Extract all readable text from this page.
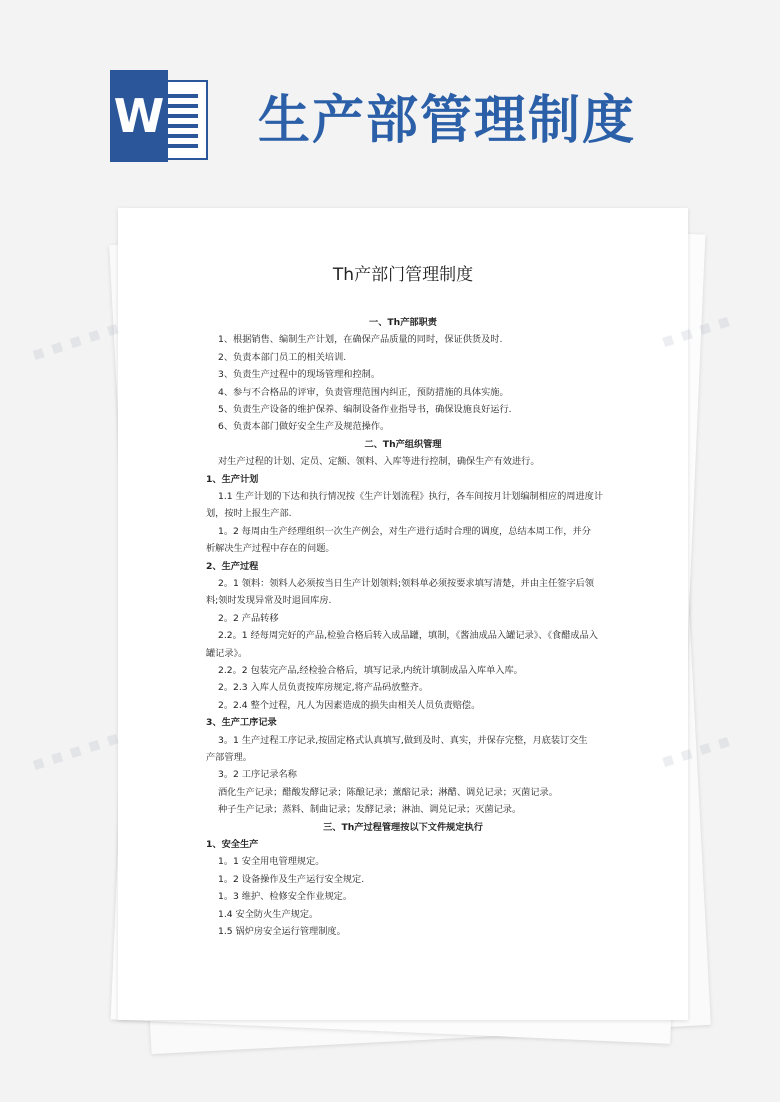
W 生产部管理制度
Th产部门管理制度
一、Th产部职责
1、根据销售、编制生产计划，在确保产品质量的同时，保证供货及时.
2、负责本部门员工的相关培训.
3、负责生产过程中的现场管理和控制。
4、参与不合格品的评审，负责管理范围内纠正，预防措施的具体实施。
5、负责生产设备的维护保养、编制设备作业指导书，确保设施良好运行.
6、负责本部门做好安全生产及规范操作。
二、Th产组织管理
对生产过程的计划、定员、定额、领料、入库等进行控制，确保生产有效进行。
1、生产计划
1.1 生产计划的下达和执行情况按《生产计划流程》执行，各车间按月计划编制相应的周进度计
划，按时上报生产部.
1。2 每周由生产经理组织一次生产例会，对生产进行适时合理的调度，总结本周工作，并分
析解决生产过程中存在的问题。
2、生产过程
2。1 领料：领料人必须按当日生产计划领料;领料单必须按要求填写清楚，并由主任签字后领
料;领时发现异常及时退回库房.
2。2 产品转移
2.2。1 经每周完好的产品,检验合格后转入成品罐，填制，《酱油成品入罐记录》、《食醋成品入
罐记录》。
2.2。2 包装完产品,经检验合格后，填写记录,内统计填制成品入库单入库。
2。2.3 入库人员负责按库房规定,将产品码放整齐。
2。2.4 整个过程，凡人为因素造成的损失由相关人员负责赔偿。
3、生产工序记录
3。1 生产过程工序记录,按固定格式认真填写,做到及时、真实，并保存完整，月底装订交生
产部管理。
3。2 工序记录名称
酒化生产记录；醋酸发酵记录；陈酿记录；薰醅记录；淋醋、调兑记录；灭菌记录。
种子生产记录；蒸料、制曲记录；发酵记录；淋油、调兑记录；灭菌记录。
三、Th产过程管理按以下文件规定执行
1、安全生产
1。1 安全用电管理规定。
1。2 设备操作及生产运行安全规定.
1。3 维护、检修安全作业规定。
1.4 安全防火生产规定。
1.5 锅炉房安全运行管理制度。
▪ ▪ ▪ ▪ ▪	▪ ▪
▪ ▪ ▪ ▪ ▪	▪ ▪
